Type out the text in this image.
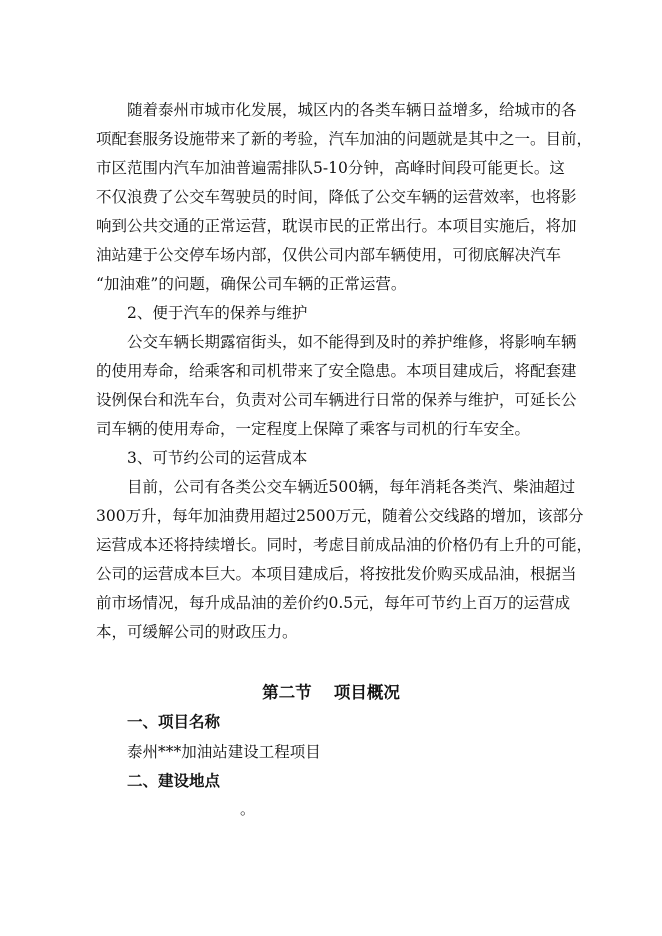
随着泰州市城市化发展，城区内的各类车辆日益增多，给城市的各
项配套服务设施带来了新的考验，汽车加油的问题就是其中之一。目前，
市区范围内汽车加油普遍需排队5-10分钟，高峰时间段可能更长。这
不仅浪费了公交车驾驶员的时间，降低了公交车辆的运营效率，也将影
响到公共交通的正常运营，耽误市民的正常出行。本项目实施后，将加
油站建于公交停车场内部，仅供公司内部车辆使用，可彻底解决汽车
“加油难”的问题，确保公司车辆的正常运营。
2、便于汽车的保养与维护
公交车辆长期露宿街头，如不能得到及时的养护维修，将影响车辆
的使用寿命，给乘客和司机带来了安全隐患。本项目建成后，将配套建
设例保台和洗车台，负责对公司车辆进行日常的保养与维护，可延长公
司车辆的使用寿命，一定程度上保障了乘客与司机的行车安全。
3、可节约公司的运营成本
目前，公司有各类公交车辆近500辆，每年消耗各类汽、柴油超过
300万升，每年加油费用超过2500万元，随着公交线路的增加，该部分
运营成本还将持续增长。同时，考虑目前成品油的价格仍有上升的可能，
公司的运营成本巨大。本项目建成后，将按批发价购买成品油，根据当
前市场情况，每升成品油的差价约0.5元，每年可节约上百万的运营成
本，可缓解公司的财政压力。
第二节　 项目概况
一、项目名称
泰州***加油站建设工程项目
二、建设地点
。
